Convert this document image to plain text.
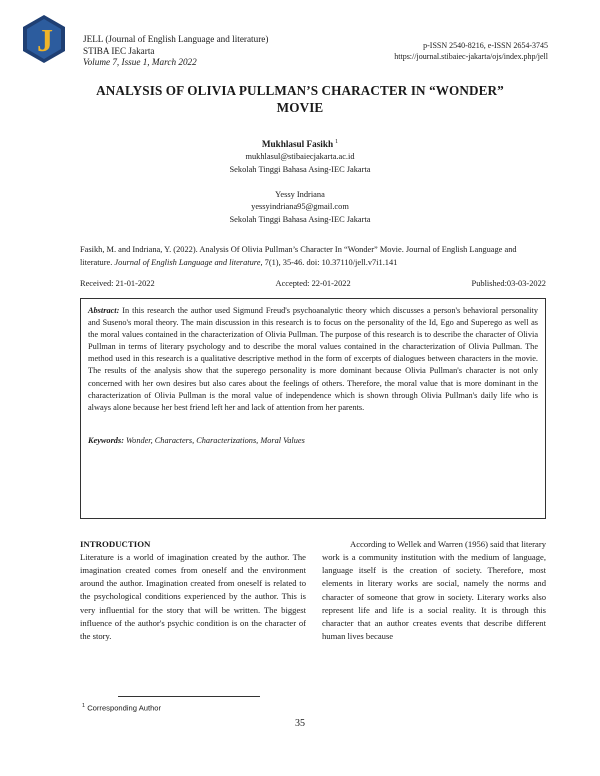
J	JELL (Journal of English Language and literature)
STIBA IEC Jakarta
Volume 7, Issue 1, March 2022
p-ISSN 2540-8216, e-ISSN 2654-3745
https://journal.stibaiec-jakarta/ojs/index.php/jell
ANALYSIS OF OLIVIA PULLMAN’S CHARACTER IN “WONDER” MOVIE
Mukhlasul Fasikh $^1$
mukhlasul@stibaiecjakarta.ac.id
Sekolah Tinggi Bahasa Asing-IEC Jakarta
Yessy Indriana
yessyindriana95@gmail.com
Sekolah Tinggi Bahasa Asing-IEC Jakarta
Fasikh, M. and Indriana, Y. (2022). Analysis Of Olivia Pullman’s Character In “Wonder” Movie. Journal of English Language and literature. Journal of English Language and literature, 7(1), 35-46. doi: 10.37110/jell.v7i1.141
Received: 21-01-2022	Accepted: 22-01-2022	Published:03-03-2022
Abstract: In this research the author used Sigmund Freud's psychoanalytic theory which discusses a person's behavioral personality and Suseno's moral theory. The main discussion in this research is to focus on the personality of the Id, Ego and Superego as well as the moral values contained in the characterization of Olivia Pullman. The purpose of this research is to describe the character of Olivia Pullman in terms of literary psychology and to describe the moral values contained in the characterization of Olivia Pullman. The method used in this research is a qualitative descriptive method in the form of excerpts of dialogues between characters in the movie. The results of the analysis show that the superego personality is more dominant because Olivia Pullman's character is not only concerned with her own desires but also cares about the feelings of others. Therefore, the moral value that is more dominant in the characterization of Olivia Pullman is the moral value of independence which is shown through Olivia Pullman's daily life who is always alone because her best friend left her and lack of attention from her parents.
Keywords: Wonder, Characters, Characterizations, Moral Values
INTRODUCTION

Literature is a world of imagination created by the author. The imagination created comes from oneself and the environment around the author. Imagination created from oneself is related to the psychological conditions experienced by the author. This is very influential for the story that will be written. The biggest influence of the author's psychic condition is on the character of the story.

According to Wellek and Warren (1956) said that literary work is a community institution with the medium of language, language itself is the creation of society. Therefore, most elements in literary works are social, namely the norms and character of someone that grow in society. Literary works also represent life and life is a social reality. It is through this character that an author creates events that describe different human lives because

$^1$ Corresponding Author
35
